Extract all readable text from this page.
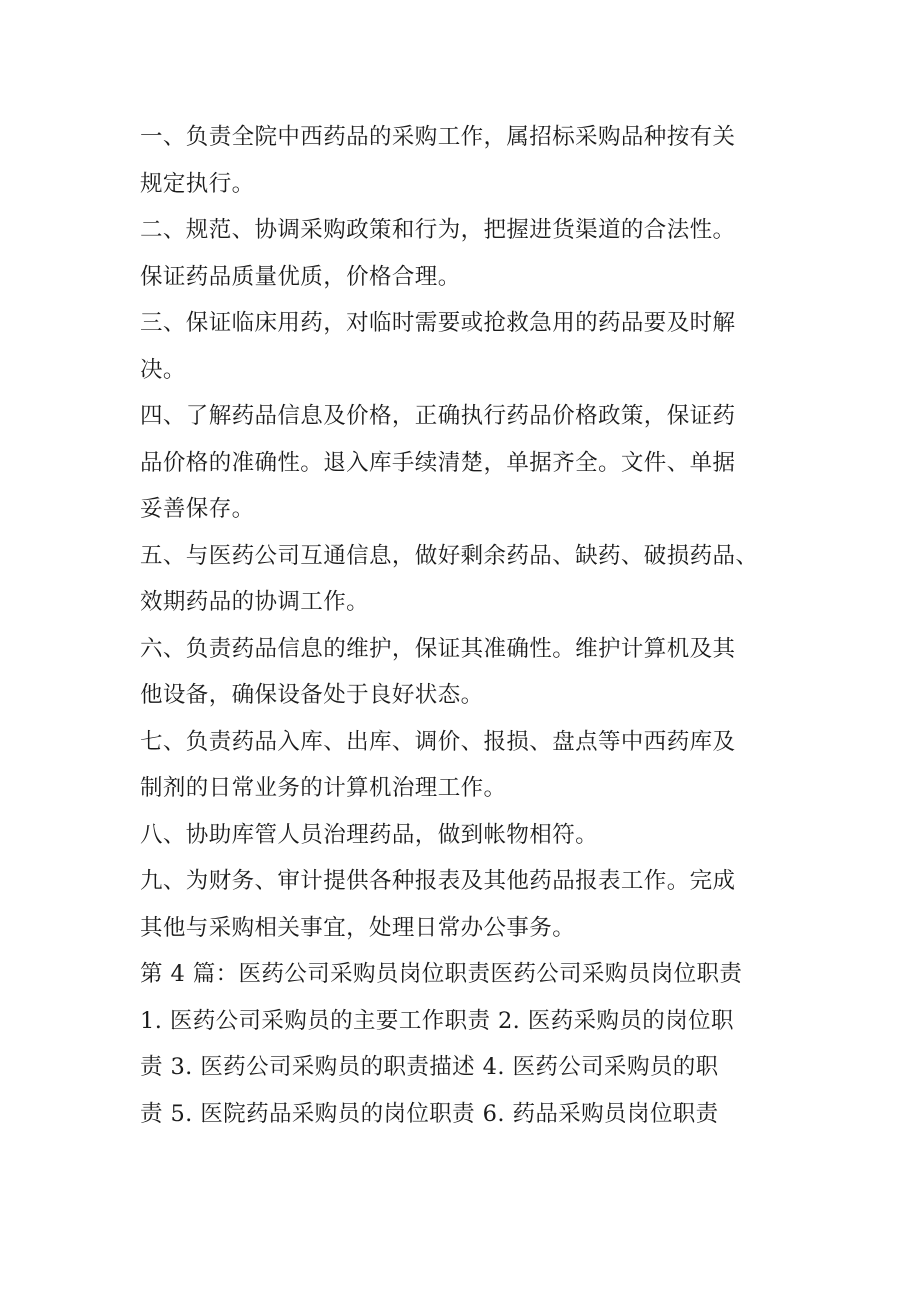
一、负责全院中西药品的采购工作，属招标采购品种按有关
规定执行。
二、规范、协调采购政策和行为，把握进货渠道的合法性。
保证药品质量优质，价格合理。
三、保证临床用药，对临时需要或抢救急用的药品要及时解
决。
四、了解药品信息及价格，正确执行药品价格政策，保证药
品价格的准确性。退入库手续清楚，单据齐全。文件、单据
妥善保存。
五、与医药公司互通信息，做好剩余药品、缺药、破损药品、
效期药品的协调工作。
六、负责药品信息的维护，保证其准确性。维护计算机及其
他设备，确保设备处于良好状态。
七、负责药品入库、出库、调价、报损、盘点等中西药库及
制剂的日常业务的计算机治理工作。
八、协助库管人员治理药品，做到帐物相符。
九、为财务、审计提供各种报表及其他药品报表工作。完成
其他与采购相关事宜，处理日常办公事务。
第 4 篇：医药公司采购员岗位职责医药公司采购员岗位职责
1. 医药公司采购员的主要工作职责 2. 医药采购员的岗位职
责 3. 医药公司采购员的职责描述 4. 医药公司采购员的职
责 5. 医院药品采购员的岗位职责 6. 药品采购员岗位职责
